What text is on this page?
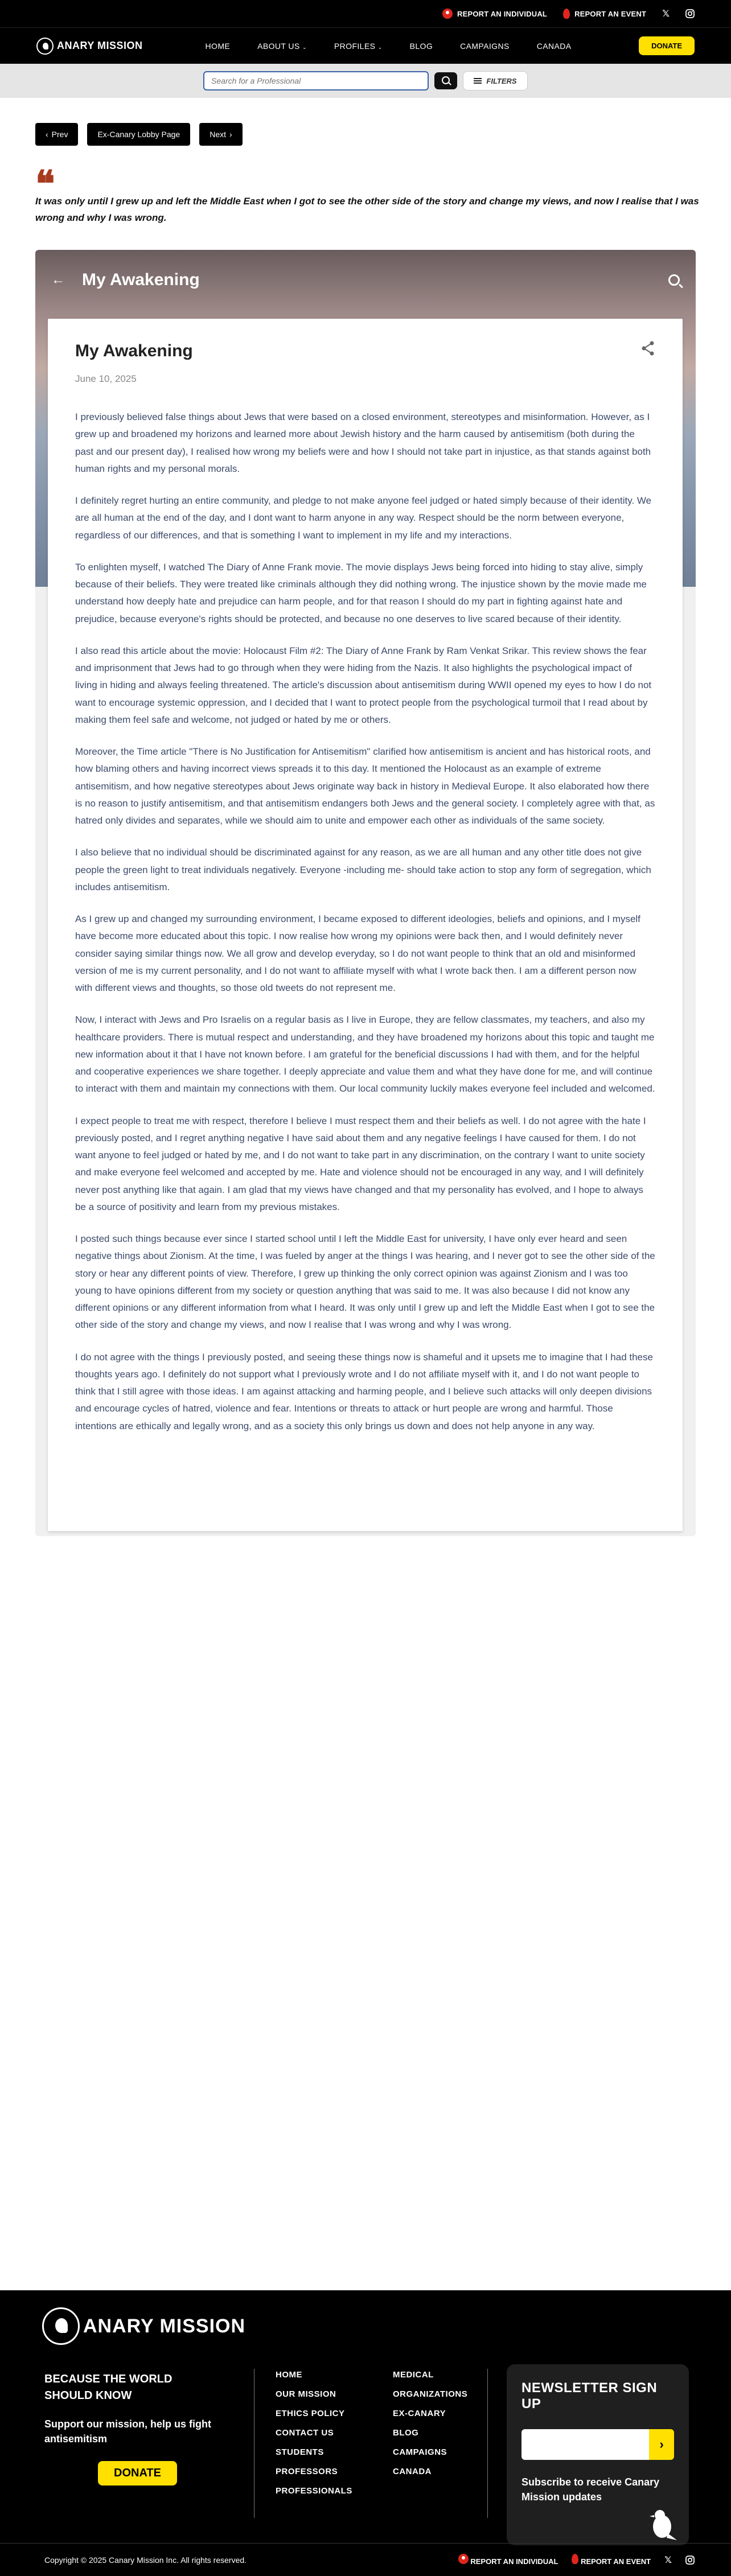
REPORT AN INDIVIDUAL	REPORT AN EVENT 𝕏
ANARY MISSION	HOME	ABOUT US ⌄	PROFILES ⌄	BLOG	CAMPAIGNS	CANADA	DONATE
Search for a Professional
FILTERS
‹ Prev	Ex-Canary Lobby Page	Next ›
❝
It was only until I grew up and left the Middle East when I got to see the other side of the story and change my views, and now I realise that I was wrong and why I was wrong.
← My Awakening
My Awakening
June 10, 2025

I previously believed false things about Jews that were based on a closed environment, stereotypes and misinformation. However, as I grew up and broadened my horizons and learned more about Jewish history and the harm caused by antisemitism (both during the past and our present day), I realised how wrong my beliefs were and how I should not take part in injustice, as that stands against both human rights and my personal morals.

I definitely regret hurting an entire community, and pledge to not make anyone feel judged or hated simply because of their identity. We are all human at the end of the day, and I dont want to harm anyone in any way. Respect should be the norm between everyone, regardless of our differences, and that is something I want to implement in my life and my interactions.

To enlighten myself, I watched The Diary of Anne Frank movie. The movie displays Jews being forced into hiding to stay alive, simply because of their beliefs. They were treated like criminals although they did nothing wrong. The injustice shown by the movie made me understand how deeply hate and prejudice can harm people, and for that reason I should do my part in fighting against hate and prejudice, because everyone's rights should be protected, and because no one deserves to live scared because of their identity.

I also read this article about the movie: Holocaust Film #2: The Diary of Anne Frank by Ram Venkat Srikar. This review shows the fear and imprisonment that Jews had to go through when they were hiding from the Nazis. It also highlights the psychological impact of living in hiding and always feeling threatened. The article's discussion about antisemitism during WWII opened my eyes to how I do not want to encourage systemic oppression, and I decided that I want to protect people from the psychological turmoil that I read about by making them feel safe and welcome, not judged or hated by me or others.

Moreover, the Time article "There is No Justification for Antisemitism" clarified how antisemitism is ancient and has historical roots, and how blaming others and having incorrect views spreads it to this day. It mentioned the Holocaust as an example of extreme antisemitism, and how negative stereotypes about Jews originate way back in history in Medieval Europe. It also elaborated how there is no reason to justify antisemitism, and that antisemitism endangers both Jews and the general society. I completely agree with that, as hatred only divides and separates, while we should aim to unite and empower each other as individuals of the same society.

I also believe that no individual should be discriminated against for any reason, as we are all human and any other title does not give people the green light to treat individuals negatively. Everyone -including me- should take action to stop any form of segregation, which includes antisemitism.

As I grew up and changed my surrounding environment, I became exposed to different ideologies, beliefs and opinions, and I myself have become more educated about this topic. I now realise how wrong my opinions were back then, and I would definitely never consider saying similar things now. We all grow and develop everyday, so I do not want people to think that an old and misinformed version of me is my current personality, and I do not want to affiliate myself with what I wrote back then. I am a different person now with different views and thoughts, so those old tweets do not represent me.

Now, I interact with Jews and Pro Israelis on a regular basis as I live in Europe, they are fellow classmates, my teachers, and also my healthcare providers. There is mutual respect and understanding, and they have broadened my horizons about this topic and taught me new information about it that I have not known before. I am grateful for the beneficial discussions I had with them, and for the helpful and cooperative experiences we share together. I deeply appreciate and value them and what they have done for me, and will continue to interact with them and maintain my connections with them. Our local community luckily makes everyone feel included and welcomed.

I expect people to treat me with respect, therefore I believe I must respect them and their beliefs as well. I do not agree with the hate I previously posted, and I regret anything negative I have said about them and any negative feelings I have caused for them. I do not want anyone to feel judged or hated by me, and I do not want to take part in any discrimination, on the contrary I want to unite society and make everyone feel welcomed and accepted by me. Hate and violence should not be encouraged in any way, and I will definitely never post anything like that again. I am glad that my views have changed and that my personality has evolved, and I hope to always be a source of positivity and learn from my previous mistakes.

I posted such things because ever since I started school until I left the Middle East for university, I have only ever heard and seen negative things about Zionism. At the time, I was fueled by anger at the things I was hearing, and I never got to see the other side of the story or hear any different points of view. Therefore, I grew up thinking the only correct opinion was against Zionism and I was too young to have opinions different from my society or question anything that was said to me. It was also because I did not know any different opinions or any different information from what I heard. It was only until I grew up and left the Middle East when I got to see the other side of the story and change my views, and now I realise that I was wrong and why I was wrong.

I do not agree with the things I previously posted, and seeing these things now is shameful and it upsets me to imagine that I had these thoughts years ago. I definitely do not support what I previously wrote and I do not affiliate myself with it, and I do not want people to think that I still agree with those ideas. I am against attacking and harming people, and I believe such attacks will only deepen divisions and encourage cycles of hatred, violence and fear. Intentions or threats to attack or hurt people are wrong and harmful. Those intentions are ethically and legally wrong, and as a society this only brings us down and does not help anyone in any way.

ANARY MISSION
BECAUSE THE WORLD SHOULD KNOW
Support our mission, help us fight antisemitism
DONATE
HOME
OUR MISSION
ETHICS POLICY
CONTACT US
STUDENTS
PROFESSORS
PROFESSIONALS
MEDICAL
ORGANIZATIONS
EX-CANARY
BLOG
CAMPAIGNS
CANADA
NEWSLETTER SIGN UP
›
Subscribe to receive Canary Mission updates
Copyright © 2025 Canary Mission Inc. All rights reserved.	REPORT AN INDIVIDUAL	REPORT AN EVENT 𝕏
